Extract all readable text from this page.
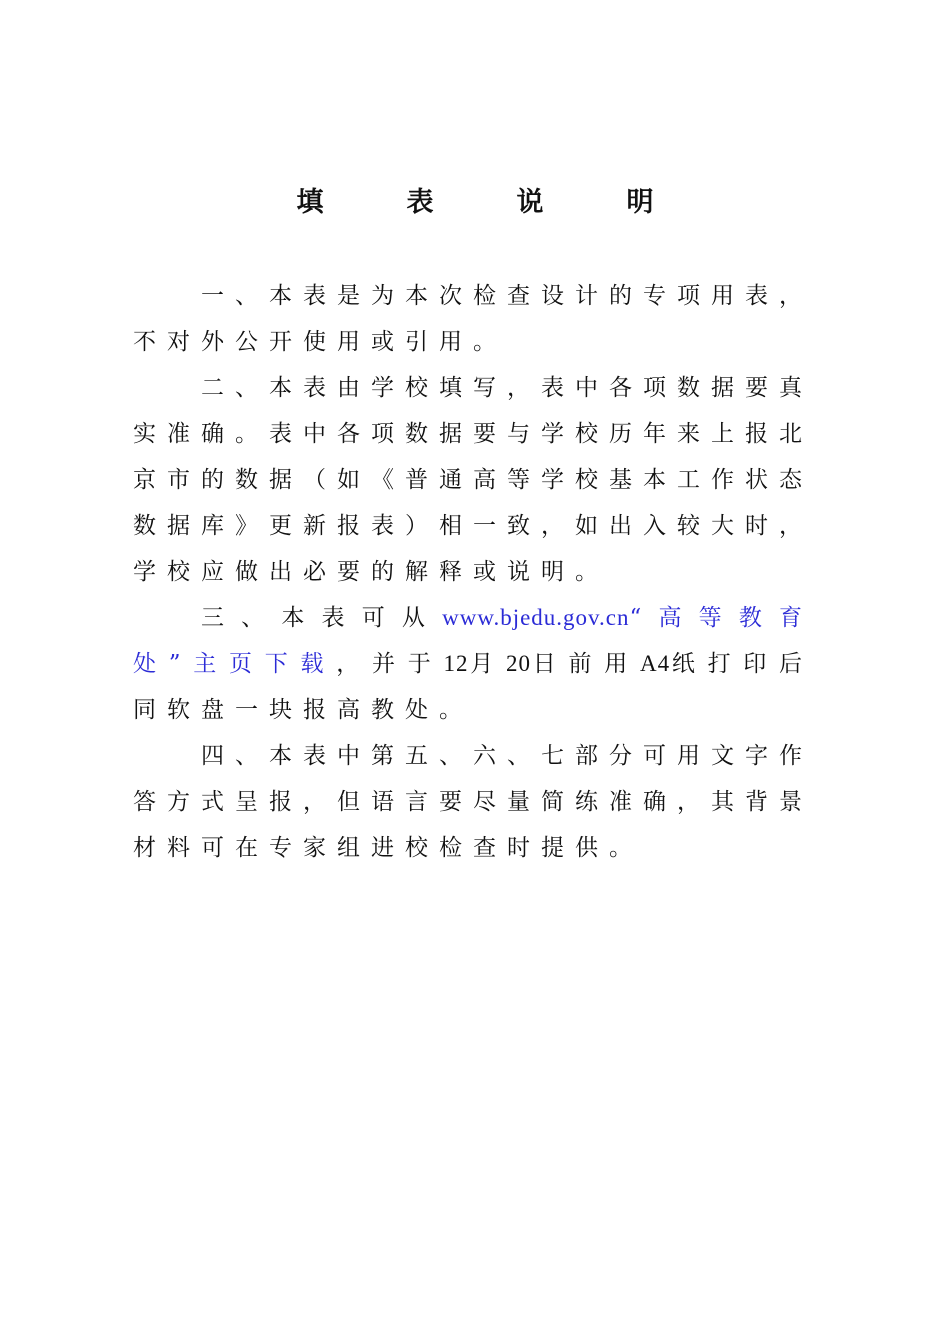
填　表　说　明

一、本表是为本次检查设计的专项用表，不对外公开使用或引用。

二、本表由学校填写，表中各项数据要真实准确。表中各项数据要与学校历年来上报北京市的数据（如《普通高等学校基本工作状态数据库》更新报表）相一致，如出入较大时，学校应做出必要的解释或说明。

三、本表可从www.bjedu.gov.cn“高等教育处”主页下载，并于12月20日前用A4纸打印后同软盘一块报高教处。

四、本表中第五、六、七部分可用文字作答方式呈报，但语言要尽量简练准确，其背景材料可在专家组进校检查时提供。
